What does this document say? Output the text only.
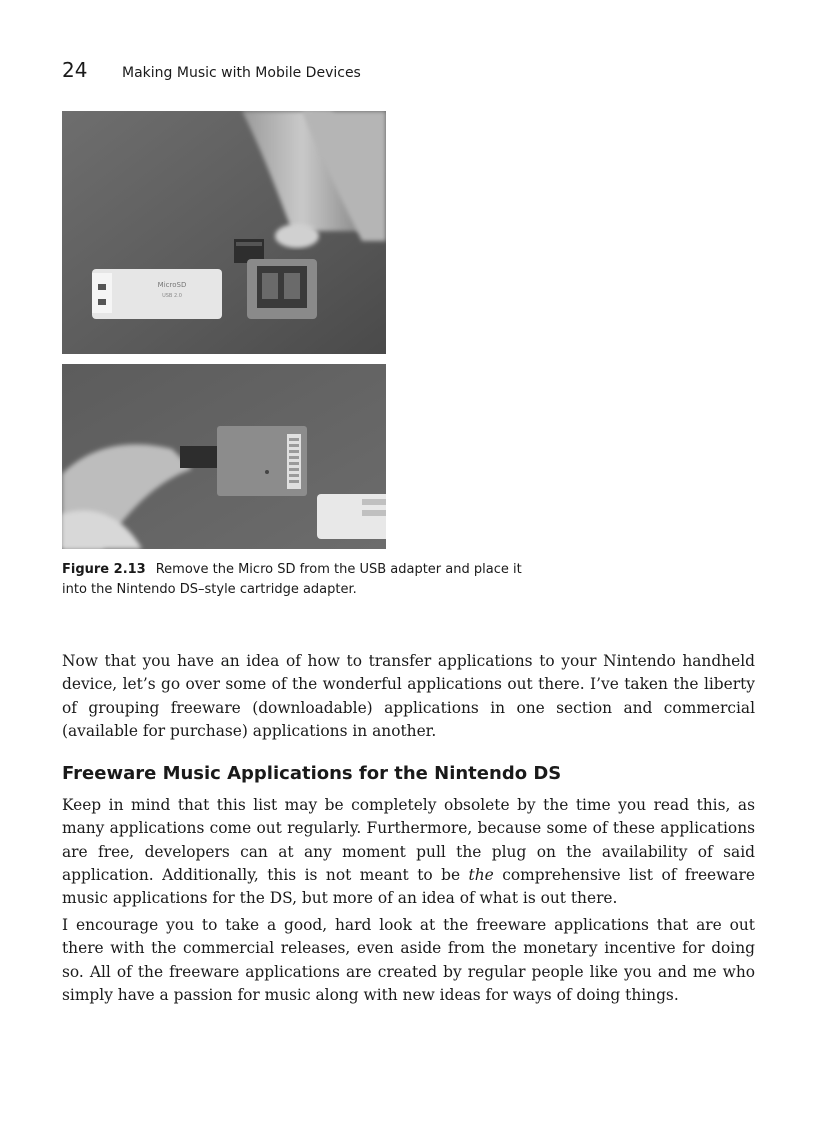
24	Making Music with Mobile Devices
MicroSD
USB 2.0
Figure 2.13 Remove the Micro SD from the USB adapter and place it into the Nintendo DS–style cartridge adapter.

Now that you have an idea of how to transfer applications to your Nintendo handheld device, let’s go over some of the wonderful applications out there. I’ve taken the liberty of grouping freeware (downloadable) applications in one section and commercial (available for purchase) applications in another.

Freeware Music Applications for the Nintendo DS

Keep in mind that this list may be completely obsolete by the time you read this, as many applications come out regularly. Furthermore, because some of these applications are free, developers can at any moment pull the plug on the availability of said application. Additionally, this is not meant to be the comprehensive list of freeware music applications for the DS, but more of an idea of what is out there.

I encourage you to take a good, hard look at the freeware applications that are out there with the commercial releases, even aside from the monetary incentive for doing so. All of the freeware applications are created by regular people like you and me who simply have a passion for music along with new ideas for ways of doing things.
